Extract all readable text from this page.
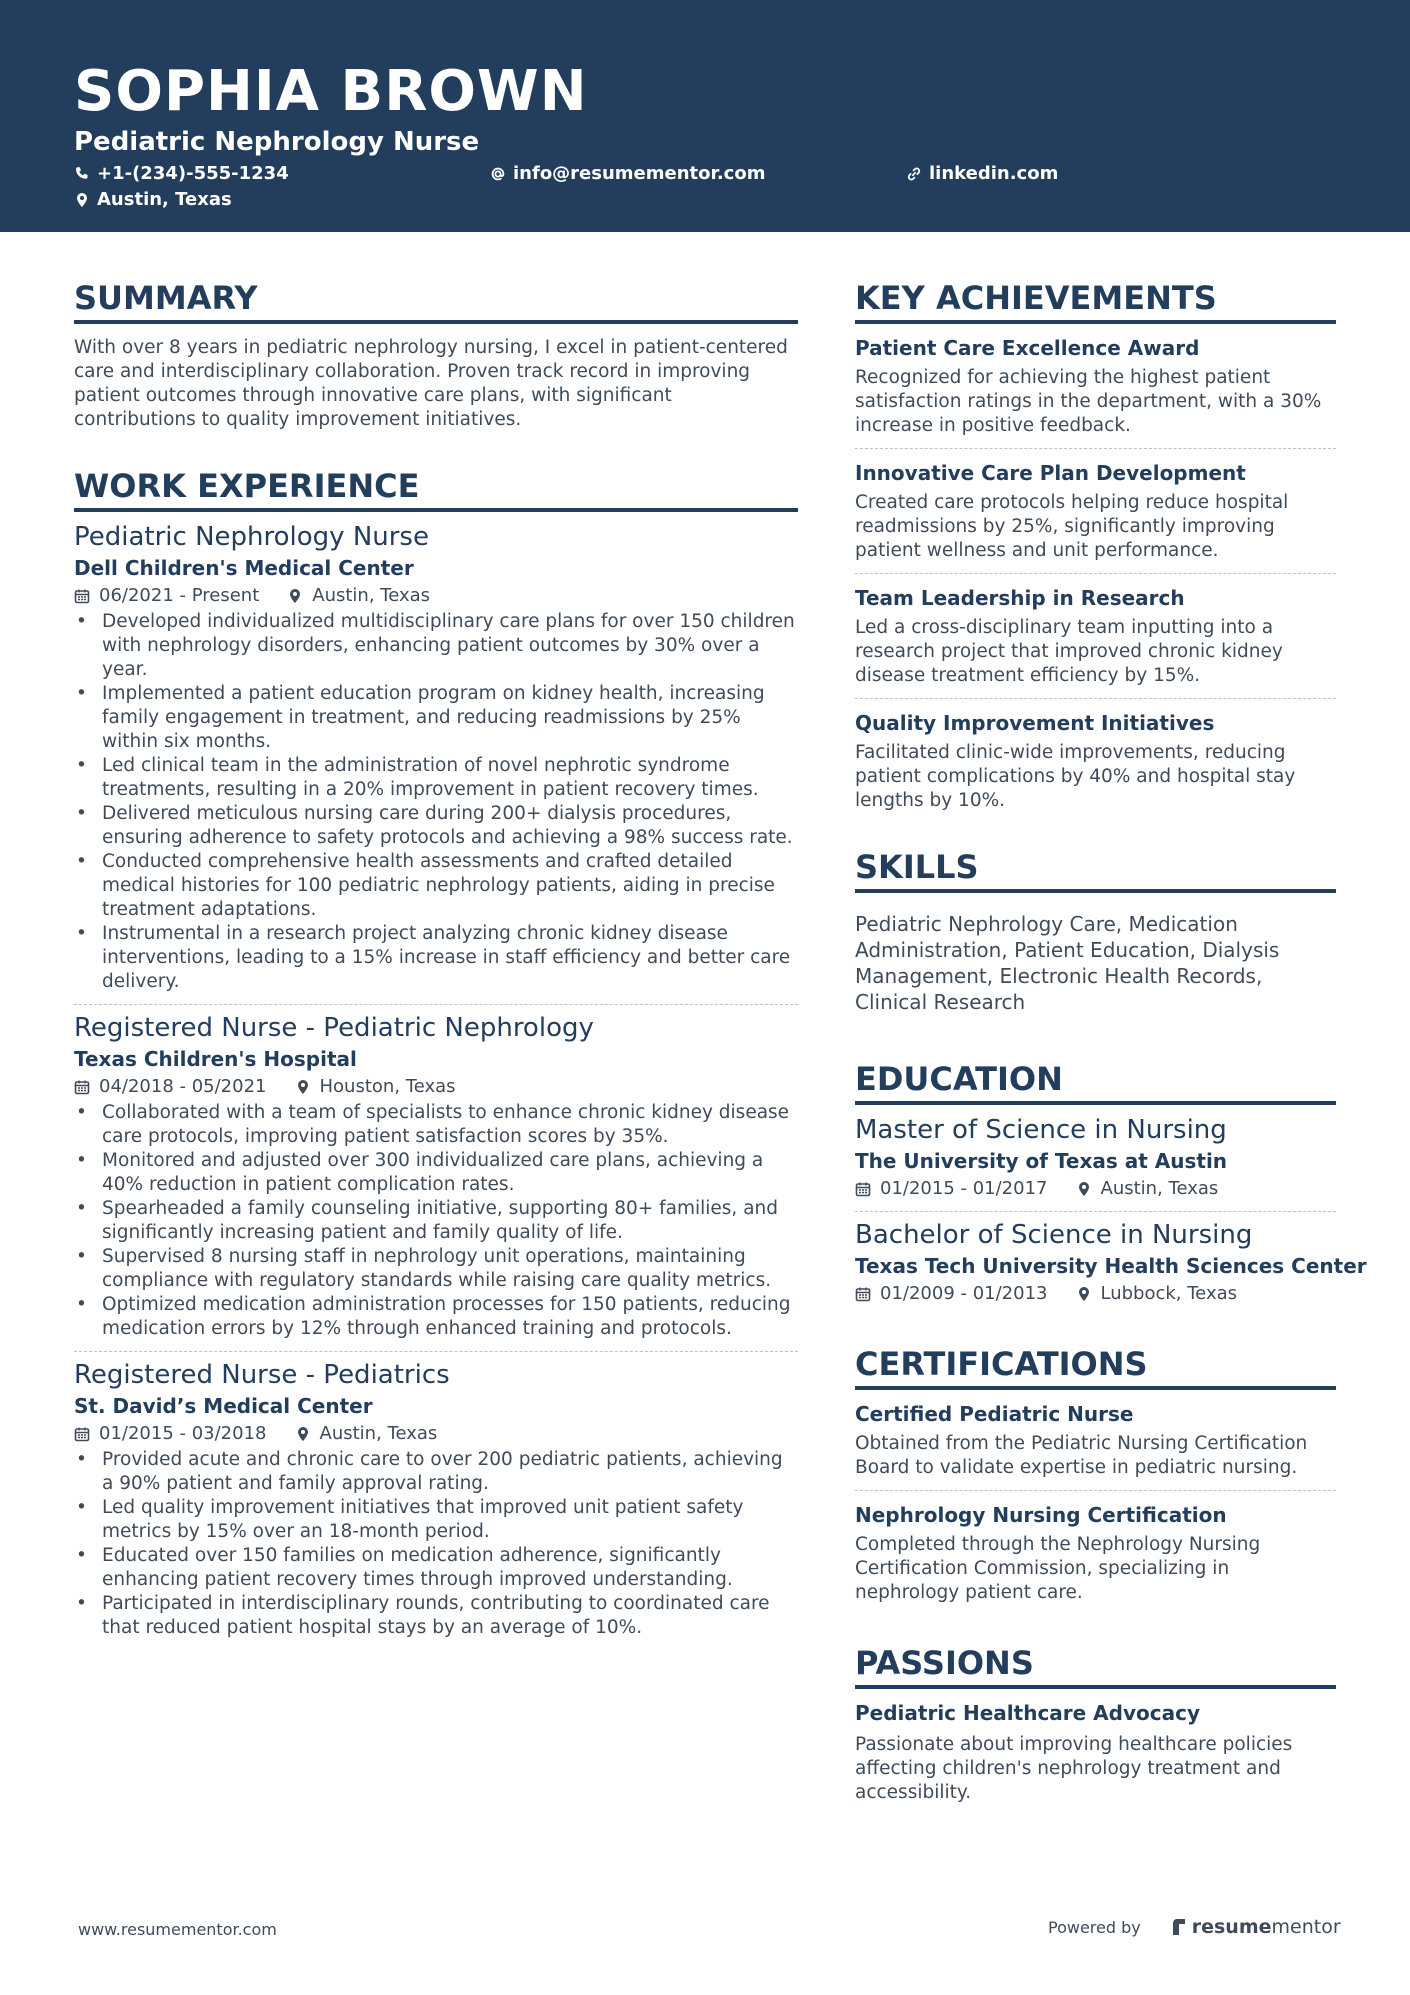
SOPHIA BROWN
Pediatric Nephrology Nurse
+1-(234)-555-1234	info@resumementor.com	linkedin.com
Austin, Texas
SUMMARY
With over 8 years in pediatric nephrology nursing, I excel in patient-centered care and interdisciplinary collaboration. Proven track record in improving patient outcomes through innovative care plans, with significant contributions to quality improvement initiatives.
WORK EXPERIENCE
Pediatric Nephrology Nurse
Dell Children's Medical Center
06/2021 - Present	Austin, Texas
• Developed individualized multidisciplinary care plans for over 150 children with nephrology disorders, enhancing patient outcomes by 30% over a year.
• Implemented a patient education program on kidney health, increasing family engagement in treatment, and reducing readmissions by 25% within six months.
• Led clinical team in the administration of novel nephrotic syndrome treatments, resulting in a 20% improvement in patient recovery times.
• Delivered meticulous nursing care during 200+ dialysis procedures, ensuring adherence to safety protocols and achieving a 98% success rate.
• Conducted comprehensive health assessments and crafted detailed medical histories for 100 pediatric nephrology patients, aiding in precise treatment adaptations.
• Instrumental in a research project analyzing chronic kidney disease interventions, leading to a 15% increase in staff efficiency and better care delivery.
Registered Nurse - Pediatric Nephrology
Texas Children's Hospital
04/2018 - 05/2021	Houston, Texas
• Collaborated with a team of specialists to enhance chronic kidney disease care protocols, improving patient satisfaction scores by 35%.
• Monitored and adjusted over 300 individualized care plans, achieving a 40% reduction in patient complication rates.
• Spearheaded a family counseling initiative, supporting 80+ families, and significantly increasing patient and family quality of life.
• Supervised 8 nursing staff in nephrology unit operations, maintaining compliance with regulatory standards while raising care quality metrics.
• Optimized medication administration processes for 150 patients, reducing medication errors by 12% through enhanced training and protocols.
Registered Nurse - Pediatrics
St. David’s Medical Center
01/2015 - 03/2018	Austin, Texas
• Provided acute and chronic care to over 200 pediatric patients, achieving a 90% patient and family approval rating.
• Led quality improvement initiatives that improved unit patient safety metrics by 15% over an 18-month period.
• Educated over 150 families on medication adherence, significantly enhancing patient recovery times through improved understanding.
• Participated in interdisciplinary rounds, contributing to coordinated care that reduced patient hospital stays by an average of 10%.
KEY ACHIEVEMENTS
Patient Care Excellence Award
Recognized for achieving the highest patient satisfaction ratings in the department, with a 30% increase in positive feedback.
Innovative Care Plan Development
Created care protocols helping reduce hospital readmissions by 25%, significantly improving patient wellness and unit performance.
Team Leadership in Research
Led a cross-disciplinary team inputting into a research project that improved chronic kidney disease treatment efficiency by 15%.
Quality Improvement Initiatives
Facilitated clinic-wide improvements, reducing patient complications by 40% and hospital stay lengths by 10%.
SKILLS
Pediatric Nephrology Care, Medication Administration, Patient Education, Dialysis Management, Electronic Health Records, Clinical Research
EDUCATION
Master of Science in Nursing
The University of Texas at Austin
01/2015 - 01/2017	Austin, Texas
Bachelor of Science in Nursing
Texas Tech University Health Sciences Center
01/2009 - 01/2013	Lubbock, Texas
CERTIFICATIONS
Certified Pediatric Nurse
Obtained from the Pediatric Nursing Certification Board to validate expertise in pediatric nursing.
Nephrology Nursing Certification
Completed through the Nephrology Nursing Certification Commission, specializing in nephrology patient care.
PASSIONS
Pediatric Healthcare Advocacy
Passionate about improving healthcare policies affecting children's nephrology treatment and accessibility.
www.resumementor.com	Powered by	resume mentor
